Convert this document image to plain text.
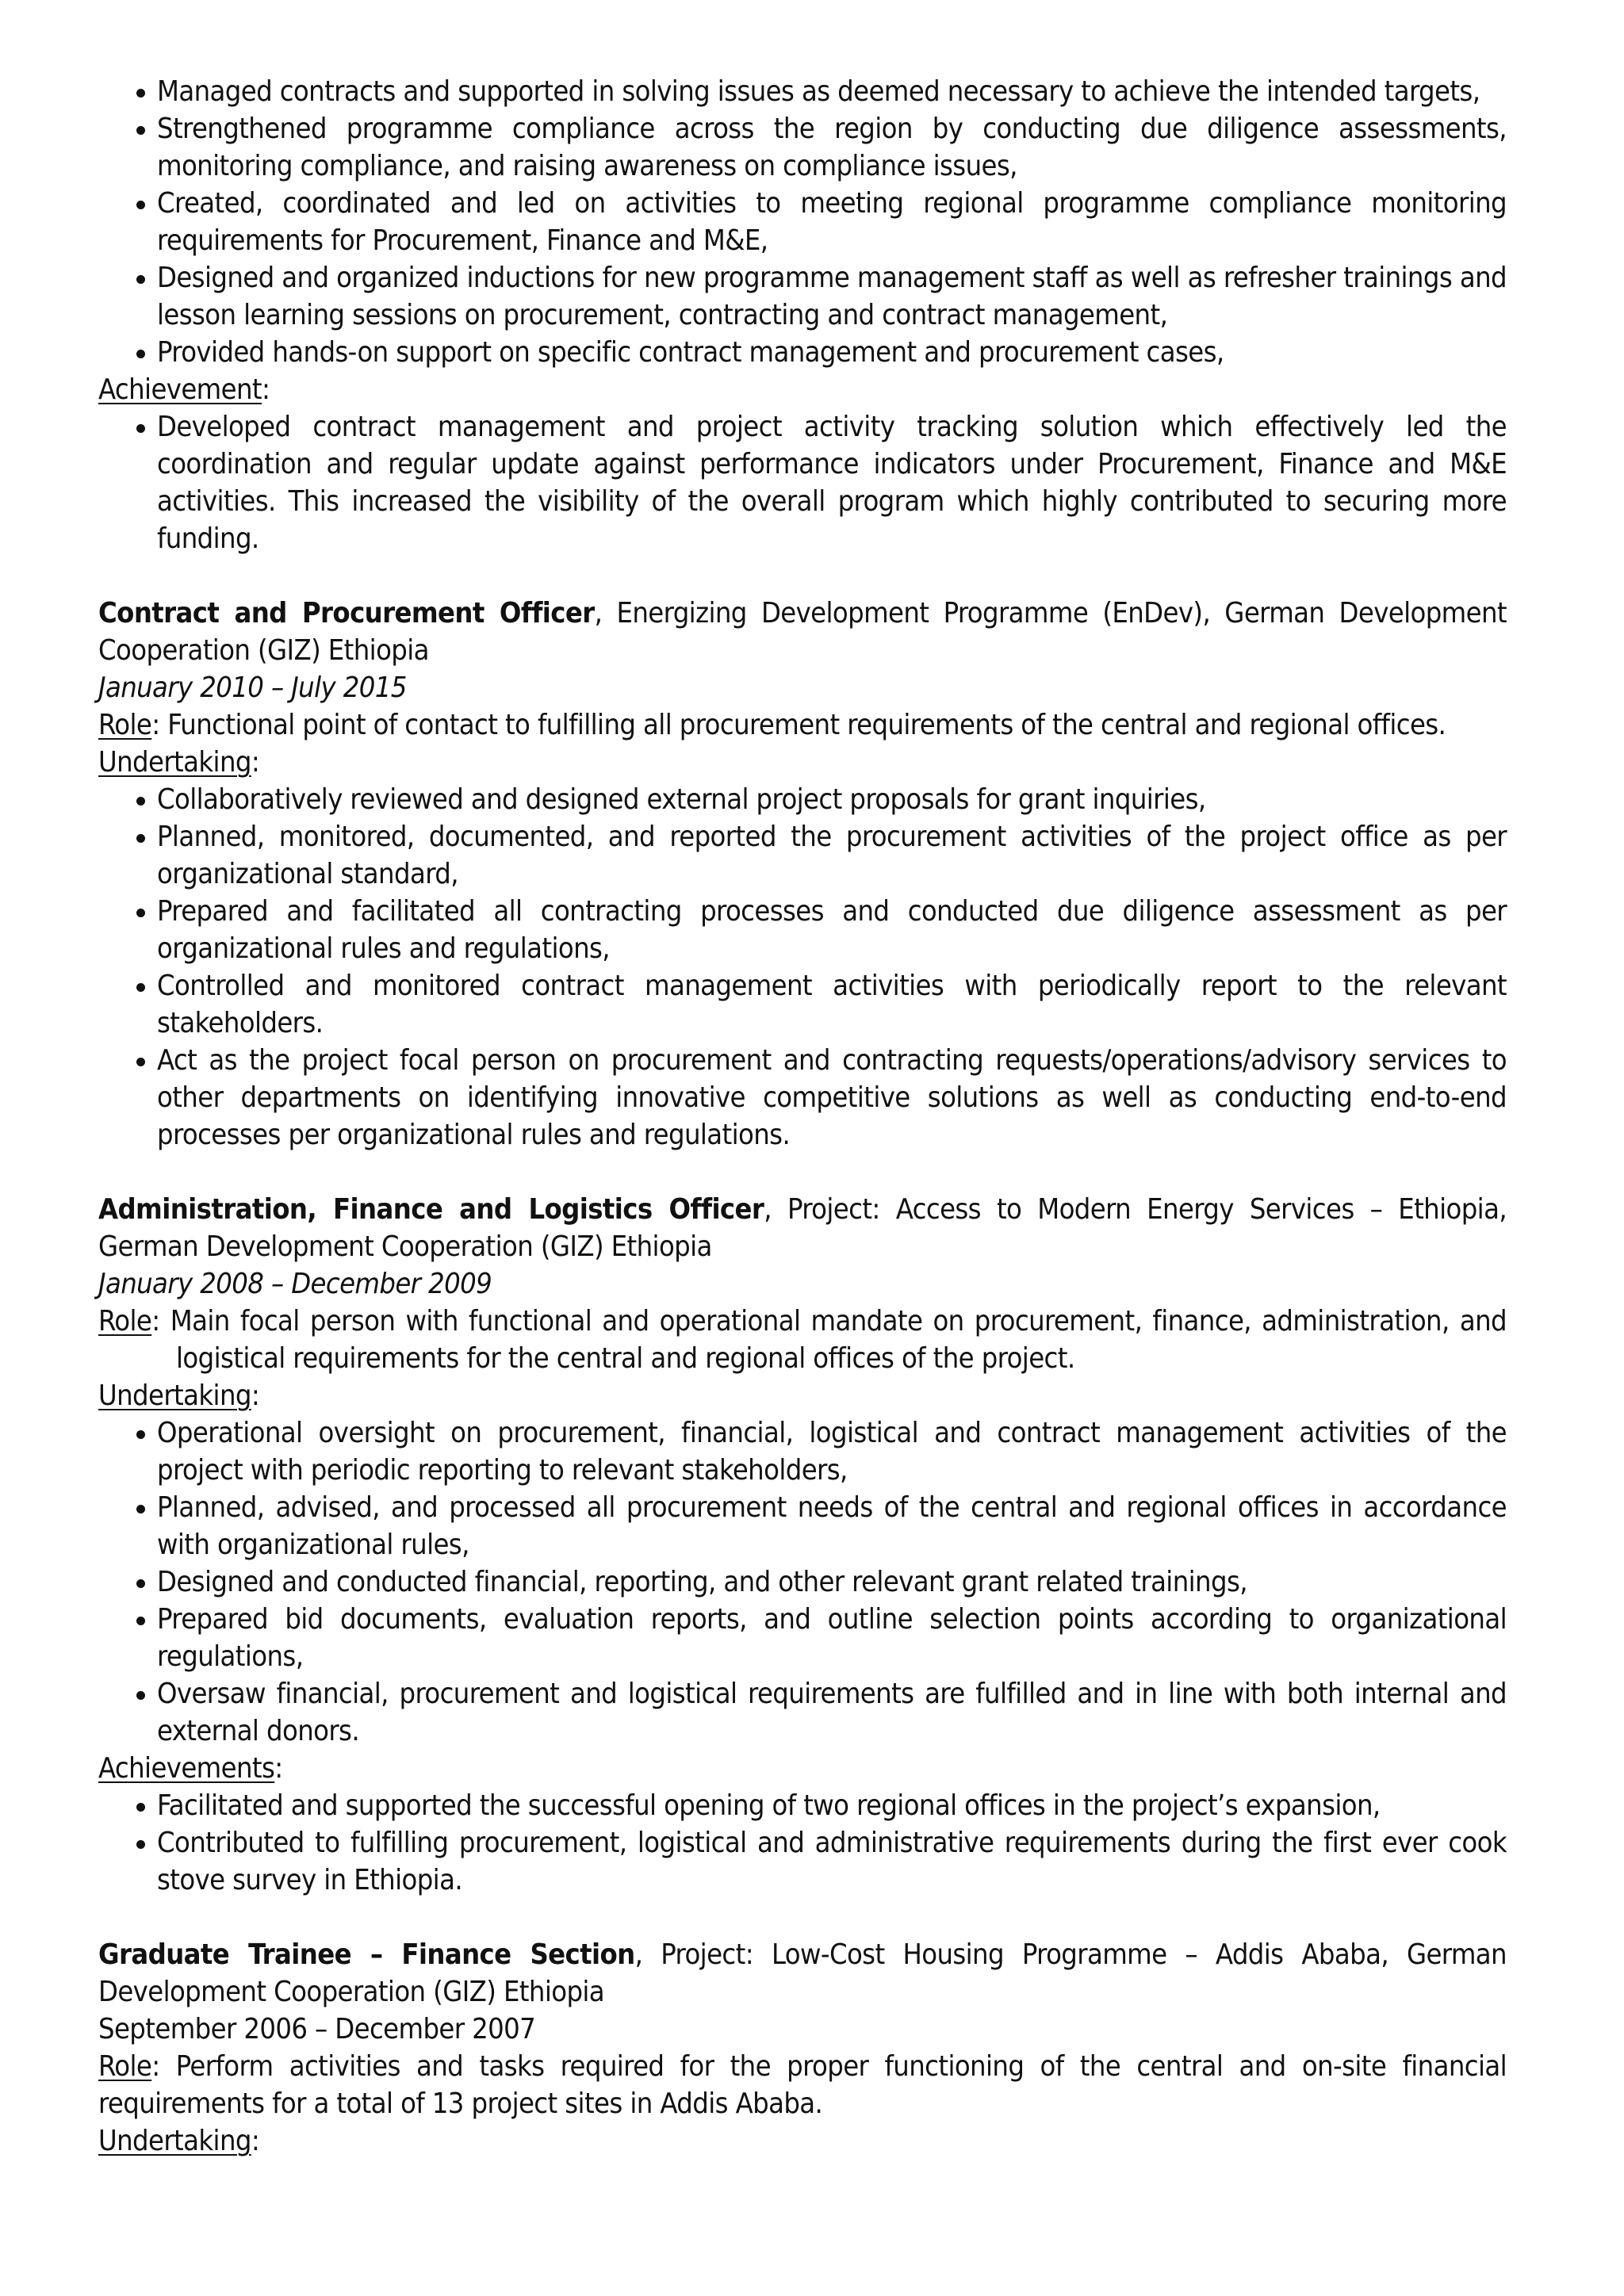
Managed contracts and supported in solving issues as deemed necessary to achieve the intended targets,
Strengthened programme compliance across the region by conducting due diligence assessments, monitoring compliance, and raising awareness on compliance issues,
Created, coordinated and led on activities to meeting regional programme compliance monitoring requirements for Procurement, Finance and M&E,
Designed and organized inductions for new programme management staff as well as refresher trainings and lesson learning sessions on procurement, contracting and contract management,
Provided hands-on support on specific contract management and procurement cases,
Achievement:
Developed contract management and project activity tracking solution which effectively led the coordination and regular update against performance indicators under Procurement, Finance and M&E activities. This increased the visibility of the overall program which highly contributed to securing more funding.
Contract and Procurement Officer, Energizing Development Programme (EnDev), German Development Cooperation (GIZ) Ethiopia
January 2010 – July 2015
Role: Functional point of contact to fulfilling all procurement requirements of the central and regional offices.
Undertaking:
Collaboratively reviewed and designed external project proposals for grant inquiries,
Planned, monitored, documented, and reported the procurement activities of the project office as per organizational standard,
Prepared and facilitated all contracting processes and conducted due diligence assessment as per organizational rules and regulations,
Controlled and monitored contract management activities with periodically report to the relevant stakeholders.
Act as the project focal person on procurement and contracting requests/operations/advisory services to other departments on identifying innovative competitive solutions as well as conducting end-to-end processes per organizational rules and regulations.
Administration, Finance and Logistics Officer, Project: Access to Modern Energy Services – Ethiopia, German Development Cooperation (GIZ) Ethiopia
January 2008 – December 2009
Role: Main focal person with functional and operational mandate on procurement, finance, administration, and logistical requirements for the central and regional offices of the project.
Undertaking:
Operational oversight on procurement, financial, logistical and contract management activities of the project with periodic reporting to relevant stakeholders,
Planned, advised, and processed all procurement needs of the central and regional offices in accordance with organizational rules,
Designed and conducted financial, reporting, and other relevant grant related trainings,
Prepared bid documents, evaluation reports, and outline selection points according to organizational regulations,
Oversaw financial, procurement and logistical requirements are fulfilled and in line with both internal and external donors.
Achievements:
Facilitated and supported the successful opening of two regional offices in the project’s expansion,
Contributed to fulfilling procurement, logistical and administrative requirements during the first ever cook stove survey in Ethiopia.
Graduate Trainee – Finance Section, Project: Low-Cost Housing Programme – Addis Ababa, German Development Cooperation (GIZ) Ethiopia
September 2006 – December 2007
Role: Perform activities and tasks required for the proper functioning of the central and on-site financial requirements for a total of 13 project sites in Addis Ababa.
Undertaking:
